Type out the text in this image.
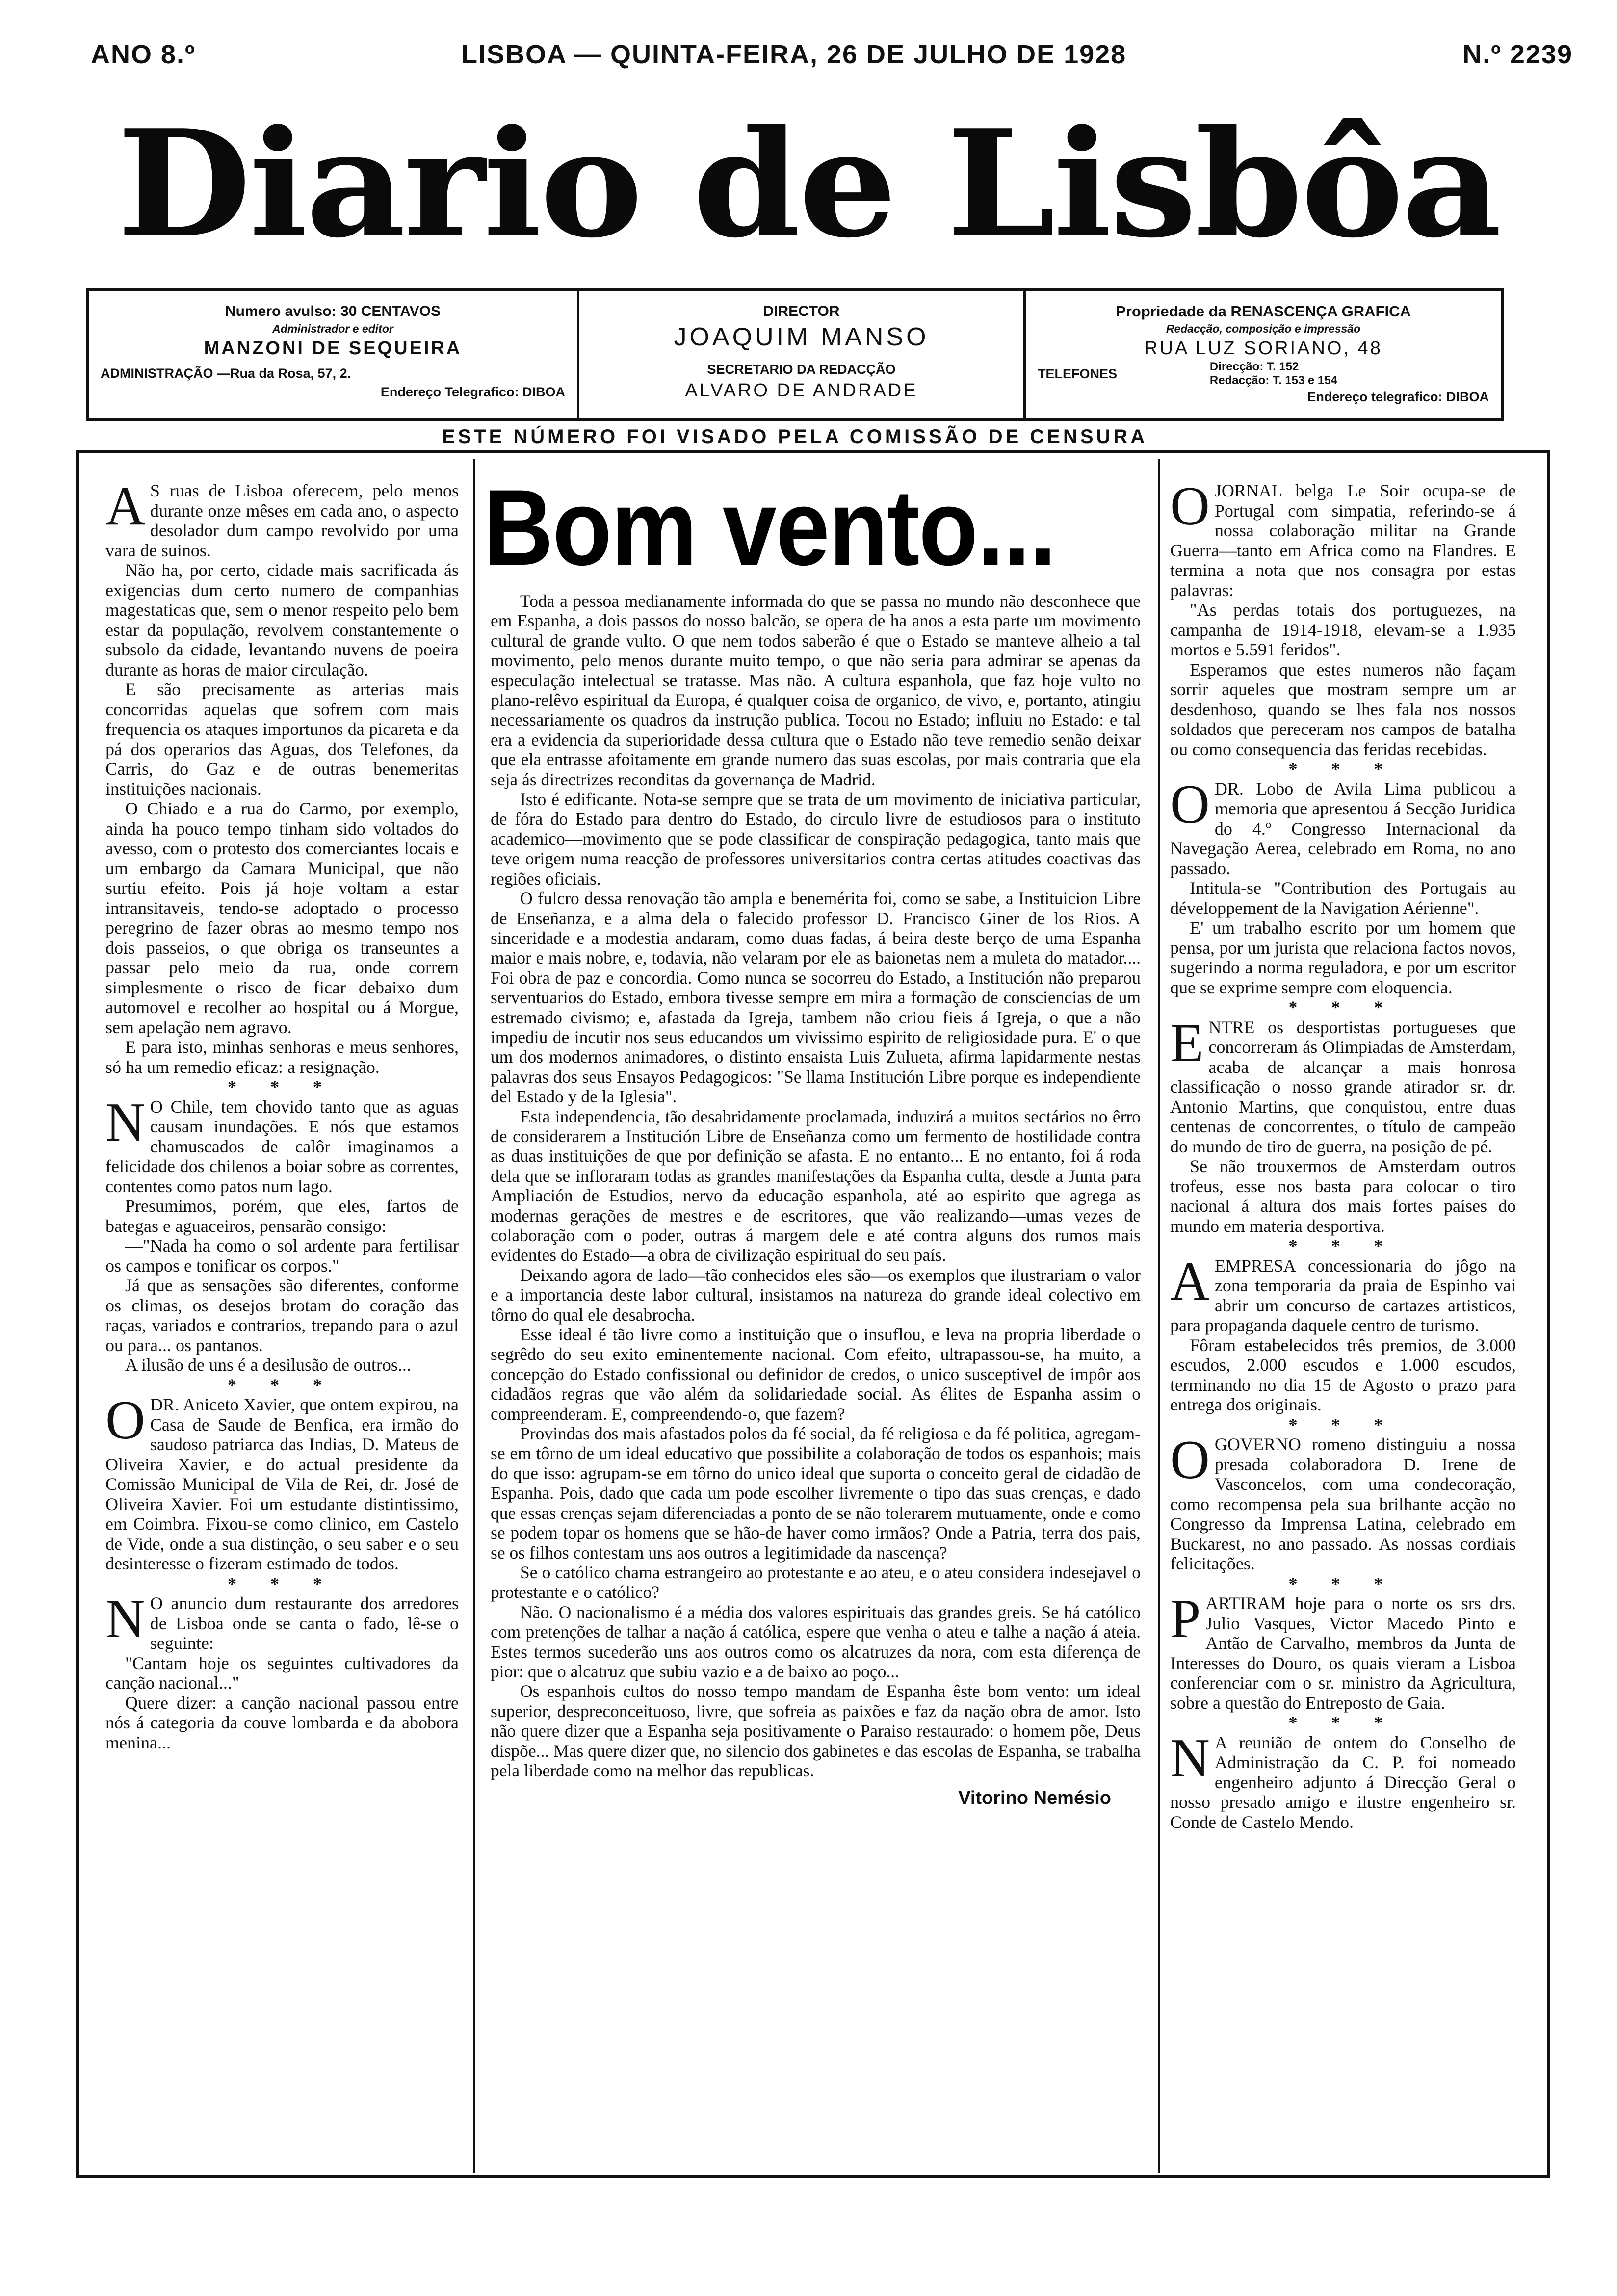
ANO 8.º	LISBOA — QUINTA-FEIRA, 26 DE JULHO DE 1928	N.º 2239
Diario de Lisbôa
Numero avulso: 30 CENTAVOS
Administrador e editor
MANZONI DE SEQUEIRA
ADMINISTRAÇÃO —Rua da Rosa, 57, 2.
Endereço Telegrafico: DIBOA
DIRECTOR
JOAQUIM MANSO
SECRETARIO DA REDACÇÃO
ALVARO DE ANDRADE
Propriedade da RENASCENÇA GRAFICA
Redacção, composição e impressão
RUA LUZ SORIANO, 48
TELEFONES	Direcção: T. 152
Redacção: T. 153 e 154
Endereço telegrafico: DIBOA
ESTE NÚMERO FOI VISADO PELA COMISSÃO DE CENSURA

A S ruas de Lisboa oferecem, pelo menos durante onze mêses em cada ano, o aspecto desolador dum campo revolvido por uma vara de suinos.

Não ha, por certo, cidade mais sacrificada ás exigencias dum certo numero de companhias magestaticas que, sem o menor respeito pelo bem estar da população, revolvem constantemente o subsolo da cidade, levantando nuvens de poeira durante as horas de maior circulação.

E são precisamente as arterias mais concorridas aquelas que sofrem com mais frequencia os ataques importunos da picareta e da pá dos operarios das Aguas, dos Telefones, da Carris, do Gaz e de outras benemeritas instituições nacionais.

O Chiado e a rua do Carmo, por exemplo, ainda ha pouco tempo tinham sido voltados do avesso, com o protesto dos comerciantes locais e um embargo da Camara Municipal, que não surtiu efeito. Pois já hoje voltam a estar intransitaveis, tendo-se adoptado o processo peregrino de fazer obras ao mesmo tempo nos dois passeios, o que obriga os transeuntes a passar pelo meio da rua, onde correm simplesmente o risco de ficar debaixo dum automovel e recolher ao hospital ou á Morgue, sem apelação nem agravo.

E para isto, minhas senhoras e meus senhores, só ha um remedio eficaz: a resignação.

* * *

N O Chile, tem chovido tanto que as aguas causam inundações. E nós que estamos chamuscados de calôr imaginamos a felicidade dos chilenos a boiar sobre as correntes, contentes como patos num lago.

Presumimos, porém, que eles, fartos de bategas e aguaceiros, pensarão consigo:

—"Nada ha como o sol ardente para fertilisar os campos e tonificar os corpos."

Já que as sensações são diferentes, conforme os climas, os desejos brotam do coração das raças, variados e contrarios, trepando para o azul ou para... os pantanos.

A ilusão de uns é a desilusão de outros...

* * *

ODR. Aniceto Xavier, que ontem expirou, na Casa de Saude de Benfica, era irmão do saudoso patriarca das Indias, D. Mateus de Oliveira Xavier, e do actual presidente da Comissão Municipal de Vila de Rei, dr. José de Oliveira Xavier. Foi um estudante distintissimo, em Coimbra. Fixou-se como clinico, em Castelo de Vide, onde a sua distinção, o seu saber e o seu desinteresse o fizeram estimado de todos.

* * *

N O anuncio dum restaurante dos arredores de Lisboa onde se canta o fado, lê-se o seguinte:

"Cantam hoje os seguintes cultivadores da canção nacional..."

Quere dizer: a canção nacional passou entre nós á categoria da couve lombarda e da abobora menina...

Bom vento...

Toda a pessoa medianamente informada do que se passa no mundo não desconhece que em Espanha, a dois passos do nosso balcão, se opera de ha anos a esta parte um movimento cultural de grande vulto. O que nem todos saberão é que o Estado se manteve alheio a tal movimento, pelo menos durante muito tempo, o que não seria para admirar se apenas da especulação intelectual se tratasse. Mas não. A cultura espanhola, que faz hoje vulto no plano-relêvo espiritual da Europa, é qualquer coisa de organico, de vivo, e, portanto, atingiu necessariamente os quadros da instrução publica. Tocou no Estado; influiu no Estado: e tal era a evidencia da superioridade dessa cultura que o Estado não teve remedio senão deixar que ela entrasse afoitamente em grande numero das suas escolas, por mais contraria que ela seja ás directrizes reconditas da governança de Madrid.

Isto é edificante. Nota-se sempre que se trata de um movimento de iniciativa particular, de fóra do Estado para dentro do Estado, do circulo livre de estudiosos para o instituto academico—movimento que se pode classificar de conspiração pedagogica, tanto mais que teve origem numa reacção de professores universitarios contra certas atitudes coactivas das regiões oficiais.

O fulcro dessa renovação tão ampla e benemérita foi, como se sabe, a Instituicion Libre de Enseñanza, e a alma dela o falecido professor D. Francisco Giner de los Rios. A sinceridade e a modestia andaram, como duas fadas, á beira deste berço de uma Espanha maior e mais nobre, e, todavia, não velaram por ele as baionetas nem a muleta do matador.... Foi obra de paz e concordia. Como nunca se socorreu do Estado, a Institución não preparou serventuarios do Estado, embora tivesse sempre em mira a formação de consciencias de um estremado civismo; e, afastada da Igreja, tambem não criou fieis á Igreja, o que a não impediu de incutir nos seus educandos um vivissimo espirito de religiosidade pura. E' o que um dos modernos animadores, o distinto ensaista Luis Zulueta, afirma lapidarmente nestas palavras dos seus Ensayos Pedagogicos: "Se llama Institución Libre porque es independiente del Estado y de la Iglesia".

Esta independencia, tão desabridamente proclamada, induzirá a muitos sectários no êrro de considerarem a Institución Libre de Enseñanza como um fermento de hostilidade contra as duas instituições de que por definição se afasta. E no entanto... E no entanto, foi á roda dela que se infloraram todas as grandes manifestações da Espanha culta, desde a Junta para Ampliación de Estudios, nervo da educação espanhola, até ao espirito que agrega as modernas gerações de mestres e de escritores, que vão realizando—umas vezes de colaboração com o poder, outras á margem dele e até contra alguns dos rumos mais evidentes do Estado—a obra de civilização espiritual do seu país.

Deixando agora de lado—tão conhecidos eles são—os exemplos que ilustrariam o valor e a importancia deste labor cultural, insistamos na natureza do grande ideal colectivo em tôrno do qual ele desabrocha.

Esse ideal é tão livre como a instituição que o insuflou, e leva na propria liberdade o segrêdo do seu exito eminentemente nacional. Com efeito, ultrapassou-se, ha muito, a concepção do Estado confissional ou definidor de credos, o unico susceptivel de impôr aos cidadãos regras que vão além da solidariedade social. As élites de Espanha assim o compreenderam. E, compreendendo-o, que fazem?

Provindas dos mais afastados polos da fé social, da fé religiosa e da fé politica, agregam-se em tôrno de um ideal educativo que possibilite a colaboração de todos os espanhois; mais do que isso: agrupam-se em tôrno do unico ideal que suporta o conceito geral de cidadão de Espanha. Pois, dado que cada um pode escolher livremente o tipo das suas crenças, e dado que essas crenças sejam diferenciadas a ponto de se não tolerarem mutuamente, onde e como se podem topar os homens que se hão-de haver como irmãos? Onde a Patria, terra dos pais, se os filhos contestam uns aos outros a legitimidade da nascença?

Se o católico chama estrangeiro ao protestante e ao ateu, e o ateu considera indesejavel o protestante e o católico?

Não. O nacionalismo é a média dos valores espirituais das grandes greis. Se há católico com pretenções de talhar a nação á católica, espere que venha o ateu e talhe a nação á ateia. Estes termos sucederão uns aos outros como os alcatruzes da nora, com esta diferença de pior: que o alcatruz que subiu vazio e a de baixo ao poço...

Os espanhois cultos do nosso tempo mandam de Espanha êste bom vento: um ideal superior, despreconceituoso, livre, que sofreia as paixões e faz da nação obra de amor. Isto não quere dizer que a Espanha seja positivamente o Paraiso restaurado: o homem põe, Deus dispõe... Mas quere dizer que, no silencio dos gabinetes e das escolas de Espanha, se trabalha pela liberdade como na melhor das republicas.

Vitorino Nemésio

OJORNAL belga Le Soir ocupa-se de Portugal com simpatia, referindo-se á nossa colaboração militar na Grande Guerra—tanto em Africa como na Flandres. E termina a nota que nos consagra por estas palavras:

"As perdas totais dos portuguezes, na campanha de 1914-1918, elevam-se a 1.935 mortos e 5.591 feridos".

Esperamos que estes numeros não façam sorrir aqueles que mostram sempre um ar desdenhoso, quando se lhes fala nos nossos soldados que pereceram nos campos de batalha ou como consequencia das feridas recebidas.

* * *

ODR. Lobo de Avila Lima publicou a memoria que apresentou á Secção Juridica do 4.º Congresso Internacional da Navegação Aerea, celebrado em Roma, no ano passado.

Intitula-se "Contribution des Portugais au développement de la Navigation Aérienne".

E' um trabalho escrito por um homem que pensa, por um jurista que relaciona factos novos, sugerindo a norma reguladora, e por um escritor que se exprime sempre com eloquencia.

* * *

ENTRE os desportistas portugueses que concorreram ás Olimpiadas de Amsterdam, acaba de alcançar a mais honrosa classificação o nosso grande atirador sr. dr. Antonio Martins, que conquistou, entre duas centenas de concorrentes, o título de campeão do mundo de tiro de guerra, na posição de pé.

Se não trouxermos de Amsterdam outros trofeus, esse nos basta para colocar o tiro nacional á altura dos mais fortes países do mundo em materia desportiva.

* * *

AEMPRESA concessionaria do jôgo na zona temporaria da praia de Espinho vai abrir um concurso de cartazes artisticos, para propaganda daquele centro de turismo.

Fôram estabelecidos três premios, de 3.000 escudos, 2.000 escudos e 1.000 escudos, terminando no dia 15 de Agosto o prazo para entrega dos originais.

* * *

OGOVERNO romeno distinguiu a nossa presada colaboradora D. Irene de Vasconcelos, com uma condecoração, como recompensa pela sua brilhante acção no Congresso da Imprensa Latina, celebrado em Buckarest, no ano passado. As nossas cordiais felicitações.

* * *

PARTIRAM hoje para o norte os srs drs. Julio Vasques, Victor Macedo Pinto e Antão de Carvalho, membros da Junta de Interesses do Douro, os quais vieram a Lisboa conferenciar com o sr. ministro da Agricultura, sobre a questão do Entreposto de Gaia.

* * *

N A reunião de ontem do Conselho de Administração da C. P. foi nomeado engenheiro adjunto á Direcção Geral o nosso presado amigo e ilustre engenheiro sr. Conde de Castelo Mendo.
